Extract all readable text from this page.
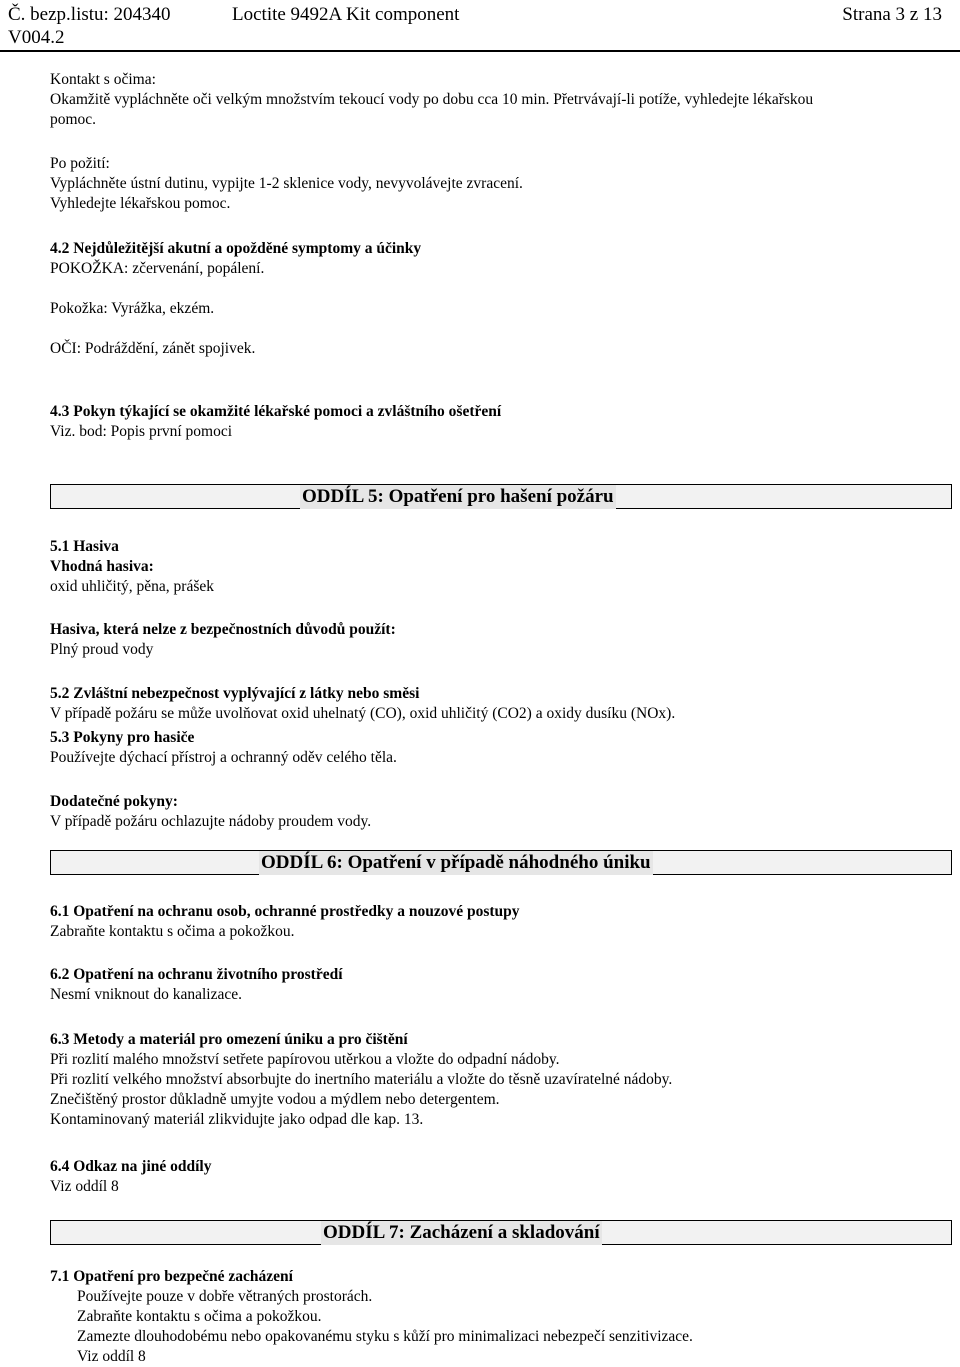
Č. bezp.listu: 204340
V004.2
Loctite 9492A Kit component	Strana 3 z 13
Kontakt s očima:
Okamžitě vypláchněte oči velkým množstvím tekoucí vody po dobu cca 10 min. Přetrvávají-li potíže, vyhledejte lékařskou
pomoc.
Po požití:
Vypláchněte ústní dutinu, vypijte 1-2 sklenice vody, nevyvolávejte zvracení.
Vyhledejte lékařskou pomoc.
4.2 Nejdůležitější akutní a opožděné symptomy a účinky
POKOŽKA: zčervenání, popálení.
Pokožka: Vyrážka, ekzém.
OČI: Podráždění, zánět spojivek.
4.3 Pokyn týkající se okamžité lékařské pomoci a zvláštního ošetření
Viz. bod: Popis první pomoci
ODDÍL 5: Opatření pro hašení požáru
5.1 Hasiva
Vhodná hasiva:
oxid uhličitý, pěna, prášek
Hasiva, která nelze z bezpečnostních důvodů použít:
Plný proud vody
5.2 Zvláštní nebezpečnost vyplývající z látky nebo směsi
V případě požáru se může uvolňovat oxid uhelnatý (CO), oxid uhličitý (CO2) a oxidy dusíku (NOx).
5.3 Pokyny pro hasiče
Používejte dýchací přístroj a ochranný oděv celého těla.
Dodatečné pokyny:
V případě požáru ochlazujte nádoby proudem vody.
ODDÍL 6: Opatření v případě náhodného úniku
6.1 Opatření na ochranu osob, ochranné prostředky a nouzové postupy
Zabraňte kontaktu s očima a pokožkou.
6.2 Opatření na ochranu životního prostředí
Nesmí vniknout do kanalizace.
6.3 Metody a materiál pro omezení úniku a pro čištění
Při rozlití malého množství setřete papírovou utěrkou a vložte do odpadní nádoby.
Při rozlití velkého množství absorbujte do inertního materiálu a vložte do těsně uzavíratelné nádoby.
Znečištěný prostor důkladně umyjte vodou a mýdlem nebo detergentem.
Kontaminovaný materiál zlikvidujte jako odpad dle kap. 13.
6.4 Odkaz na jiné oddíly
Viz oddíl 8
ODDÍL 7: Zacházení a skladování
7.1 Opatření pro bezpečné zacházení
Používejte pouze v dobře větraných prostorách.
Zabraňte kontaktu s očima a pokožkou.
Zamezte dlouhodobému nebo opakovanému styku s kůží pro minimalizaci nebezpečí senzitivizace.
Viz oddíl 8
